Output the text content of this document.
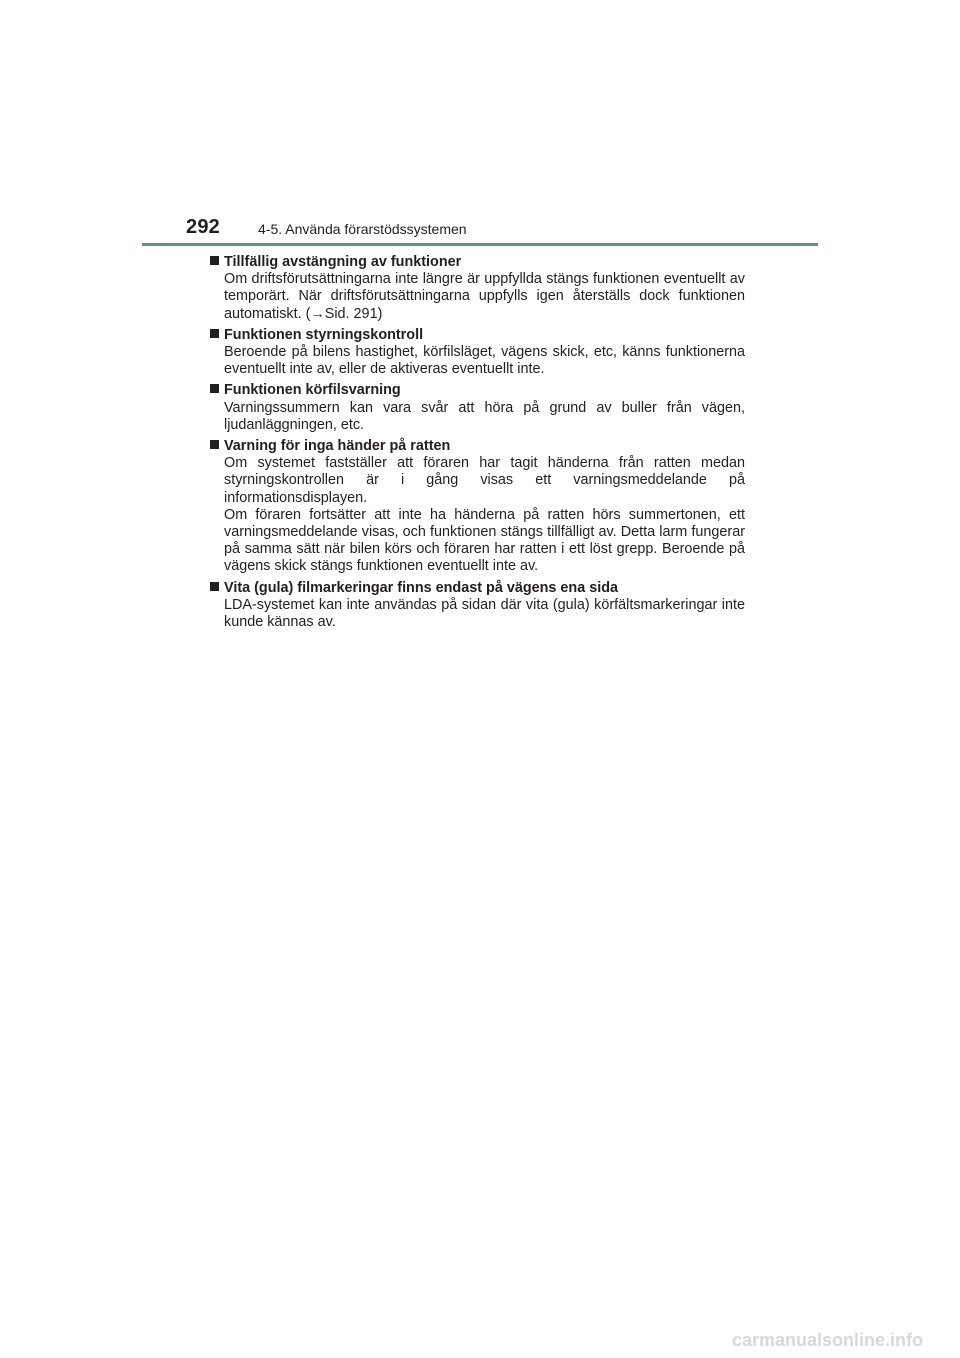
292	4-5. Använda förarstödssystemen
Tillfällig avstängning av funktioner

Om driftsförutsättningarna inte längre är uppfyllda stängs funktionen eventuellt av temporärt. När driftsförutsättningarna uppfylls igen återställs dock funktionen automatiskt. (→Sid. 291)

Funktionen styrningskontroll

Beroende på bilens hastighet, körfilsläget, vägens skick, etc, känns funktionerna eventuellt inte av, eller de aktiveras eventuellt inte.

Funktionen körfilsvarning

Varningssummern kan vara svår att höra på grund av buller från vägen, ljudanläggningen, etc.

Varning för inga händer på ratten

Om systemet fastställer att föraren har tagit händerna från ratten medan styrningskontrollen är i gång visas ett varningsmeddelande på informationsdisplayen.

Om föraren fortsätter att inte ha händerna på ratten hörs summertonen, ett varningsmeddelande visas, och funktionen stängs tillfälligt av. Detta larm fungerar på samma sätt när bilen körs och föraren har ratten i ett löst grepp. Beroende på vägens skick stängs funktionen eventuellt inte av.

Vita (gula) filmarkeringar finns endast på vägens ena sida

LDA-systemet kan inte användas på sidan där vita (gula) körfältsmarkeringar inte kunde kännas av.

carmanualsonline.info
